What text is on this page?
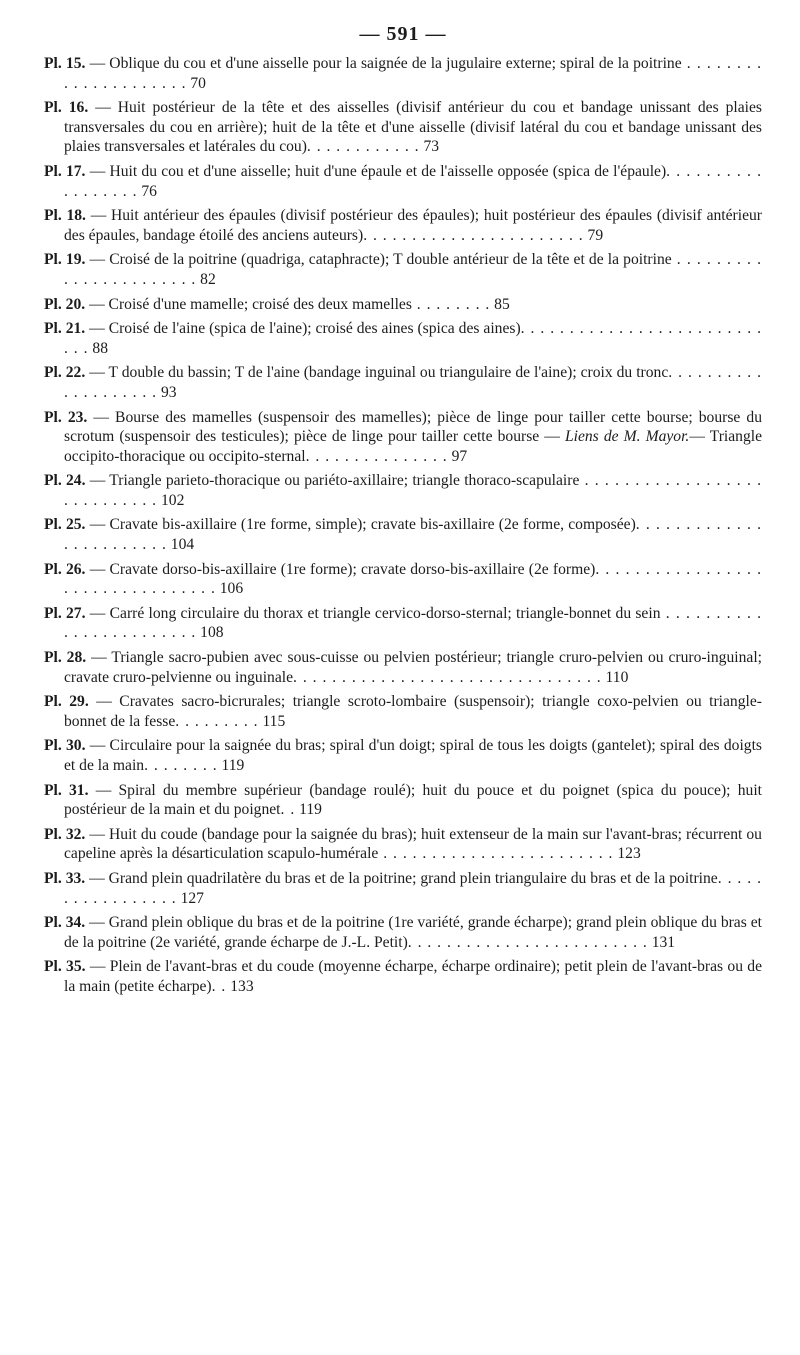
— 591 —
Pl. 15. — Oblique du cou et d'une aisselle pour la saignée de la jugulaire externe; spiral de la poitrine . . . . . . . . . . . . . . . . . . . . . 70
Pl. 16. — Huit postérieur de la tête et des aisselles (divisif antérieur du cou et bandage unissant des plaies transversales du cou en arrière); huit de la tête et d'une aisselle (divisif latéral du cou et bandage unissant des plaies transversales et latérales du cou). . . . . . . . . . . . 73
Pl. 17. — Huit du cou et d'une aisselle; huit d'une épaule et de l'aisselle opposée (spica de l'épaule). . . . . . . . . . . . . . . . . . 76
Pl. 18. — Huit antérieur des épaules (divisif postérieur des épaules); huit postérieur des épaules (divisif antérieur des épaules, bandage étoilé des anciens auteurs). . . . . . . . . . . . . . . . . . . . . . . 79
Pl. 19. — Croisé de la poitrine (quadriga, cataphracte); T double antérieur de la tête et de la poitrine . . . . . . . . . . . . . . . . . . . . . . . 82
Pl. 20. — Croisé d'une mamelle; croisé des deux mamelles . . . . . . . . 85
Pl. 21. — Croisé de l'aine (spica de l'aine); croisé des aines (spica des aines). . . . . . . . . . . . . . . . . . . . . . . . . . . . 88
Pl. 22. — T double du bassin; T de l'aine (bandage inguinal ou triangulaire de l'aine); croix du tronc. . . . . . . . . . . . . . . . . . . . 93
Pl. 23. — Bourse des mamelles (suspensoir des mamelles); pièce de linge pour tailler cette bourse; bourse du scrotum (suspensoir des testicules); pièce de linge pour tailler cette bourse — Liens de M. Mayor.— Triangle occipito-thoracique ou occipito-sternal. . . . . . . . . . . . . . . 97
Pl. 24. — Triangle parieto-thoracique ou pariéto-axillaire; triangle thoraco-scapulaire . . . . . . . . . . . . . . . . . . . . . . . . . . . . 102
Pl. 25. — Cravate bis-axillaire (1re forme, simple); cravate bis-axillaire (2e forme, composée). . . . . . . . . . . . . . . . . . . . . . . . 104
Pl. 26. — Cravate dorso-bis-axillaire (1re forme); cravate dorso-bis-axillaire (2e forme). . . . . . . . . . . . . . . . . . . . . . . . . . . . . . . . . 106
Pl. 27. — Carré long circulaire du thorax et triangle cervico-dorso-sternal; triangle-bonnet du sein . . . . . . . . . . . . . . . . . . . . . . . . 108
Pl. 28. — Triangle sacro-pubien avec sous-cuisse ou pelvien postérieur; triangle cruro-pelvien ou cruro-inguinal; cravate cruro-pelvienne ou inguinale. . . . . . . . . . . . . . . . . . . . . . . . . . . . . . . . 110
Pl. 29. — Cravates sacro-bicrurales; triangle scroto-lombaire (suspensoir); triangle coxo-pelvien ou triangle-bonnet de la fesse. . . . . . . . . 115
Pl. 30. — Circulaire pour la saignée du bras; spiral d'un doigt; spiral de tous les doigts (gantelet); spiral des doigts et de la main. . . . . . . . 119
Pl. 31. — Spiral du membre supérieur (bandage roulé); huit du pouce et du poignet (spica du pouce); huit postérieur de la main et du poignet. . 119
Pl. 32. — Huit du coude (bandage pour la saignée du bras); huit extenseur de la main sur l'avant-bras; récurrent ou capeline après la désarticulation scapulo-humérale . . . . . . . . . . . . . . . . . . . . . . . . 123
Pl. 33. — Grand plein quadrilatère du bras et de la poitrine; grand plein triangulaire du bras et de la poitrine. . . . . . . . . . . . . . . . . 127
Pl. 34. — Grand plein oblique du bras et de la poitrine (1re variété, grande écharpe); grand plein oblique du bras et de la poitrine (2e variété, grande écharpe de J.-L. Petit). . . . . . . . . . . . . . . . . . . . . . . . . 131
Pl. 35. — Plein de l'avant-bras et du coude (moyenne écharpe, écharpe ordinaire); petit plein de l'avant-bras ou de la main (petite écharpe). . 133
